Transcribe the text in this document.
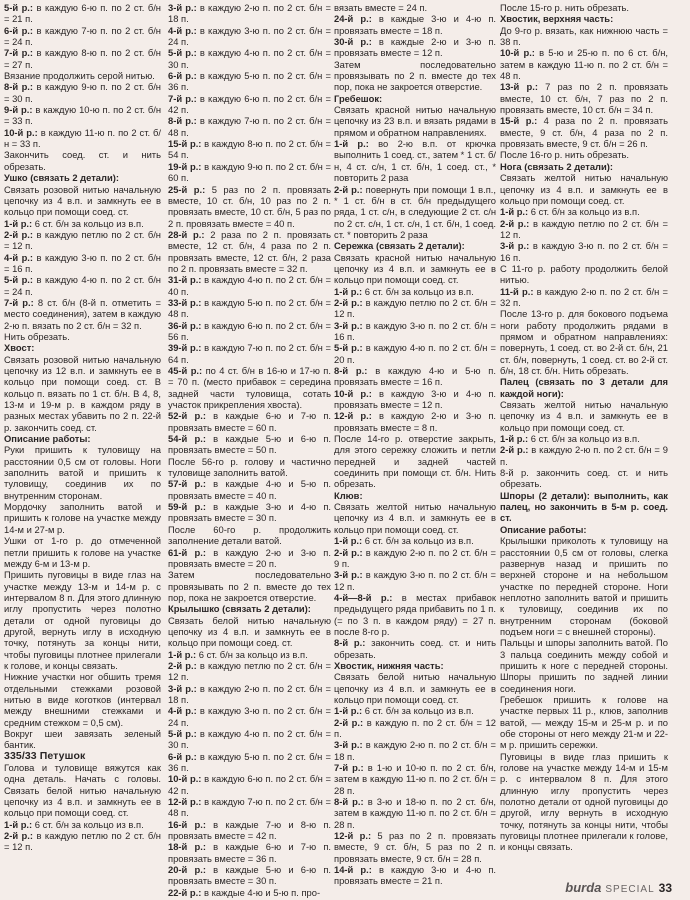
5-й р.: в каждую 6-ю п. по 2 ст. б/н = 21 п.

6-й р.: в каждую 7-ю п. по 2 ст. б/н = 24 п.

7-й р.: в каждую 8-ю п. по 2 ст. б/н = 27 п.

Вязание продолжить серой нитью.

8-й р.: в каждую 9-ю п. по 2 ст. б/н = 30 п.

9-й р.: в каждую 10-ю п. по 2 ст. б/н = 33 п.

10-й р.: в каждую 11-ю п. по 2 ст. б/н = 33 п.

Закончить соед. ст. и нить обрезать.

Ушко (связать 2 детали):

Связать розовой нитью начальную цепочку из 4 в.п. и замкнуть ее в кольцо при помощи соед. ст.

1-й р.: 6 ст. б/н за кольцо из в.п.

2-й р.: в каждую петлю по 2 ст. б/н = 12 п.

4-й р.: в каждую 3-ю п. по 2 ст. б/н = 16 п.

5-й р.: в каждую 4-ю п. по 2 ст. б/н = 24 п.

7-й р.: 8 ст. б/н (8-й п. отметить = место соединения), затем в каждую 2-ю п. вязать по 2 ст. б/н = 32 п.

Нить обрезать.

Хвост:

Связать розовой нитью начальную цепочку из 12 в.п. и замкнуть ее в кольцо при помощи соед. ст. В кольцо п. вязать по 1 ст. б/н. В 4, 8, 13-м и 19-м р. в каждом ряду в разных местах убавить по 2 п. 22-й р. закончить соед. ст.

Описание работы:

Руки пришить к туловищу на расстоянии 0,5 см от головы. Ноги заполнить ватой и пришить к туловищу, соединив их по внутренним сторонам.

Мордочку заполнить ватой и пришить к голове на участке между 14-м и 27-м р.

Ушки от 1-го р. до отмеченной петли пришить к голове на участке между 6-м и 13-м р.

Пришить пуговицы в виде глаз на участке между 13-м и 14-м р. с интервалом 8 п. Для этого длинную иглу пропустить через полотно детали от одной пуговицы до другой, вернуть иглу в исходную точку, потянуть за концы нити, чтобы пуговицы плотнее прилегали к голове, и концы связать.

Нижние участки ног обшить тремя отдельными стежками розовой нитью в виде коготков (интервал между внешними стежками и средним стежком = 0,5 см).

Вокруг шеи завязать зеленый бантик.

335/33 Петушок

Голова и туловище вяжутся как одна деталь. Начать с головы. Связать белой нитью начальную цепочку из 4 в.п. и замкнуть ее в кольцо при помощи соед. ст.

1-й р.: 6 ст. б/н за кольцо из в.п.

2-й р.: в каждую петлю по 2 ст. б/н = 12 п.

3-й р.: в каждую 2-ю п. по 2 ст. б/н = 18 п.

4-й р.: в каждую 3-ю п. по 2 ст. б/н = 24 п.

5-й р.: в каждую 4-ю п. по 2 ст. б/н = 30 п.

6-й р.: в каждую 5-ю п. по 2 ст. б/н = 36 п.

7-й р.: в каждую 6-ю п. по 2 ст. б/н = 42 п.

8-й р.: в каждую 7-ю п. по 2 ст. б/н = 48 п.

15-й р.: в каждую 8-ю п. по 2 ст. б/н = 54 п.

19-й р.: в каждую 9-ю п. по 2 ст. б/н = 60 п.

25-й р.: 5 раз по 2 п. провязать вместе, 10 ст. б/н, 10 раз по 2 п. провязать вместе, 10 ст. б/н, 5 раз по 2 п. провязать вместе = 40 п.

28-й р.: 2 раза по 2 п. провязать вместе, 12 ст. б/н, 4 раза по 2 п. провязать вместе, 12 ст. б/н, 2 раза по 2 п. провязать вместе = 32 п.

31-й р.: в каждую 4-ю п. по 2 ст. б/н = 40 п.

33-й р.: в каждую 5-ю п. по 2 ст. б/н = 48 п.

36-й р.: в каждую 6-ю п. по 2 ст. б/н = 56 п.

39-й р.: в каждую 7-ю п. по 2 ст. б/н = 64 п.

45-й р.: по 4 ст. б/н в 16-ю и 17-ю п. = 70 п. (место прибавок = середина задней части туловища, сотать участок прикрепления хвоста).

52-й р.: в каждые 6-ю и 7-ю п. провязать вместе = 60 п.

54-й р.: в каждые 5-ю и 6-ю п. провязать вместе = 50 п.

После 56-го р. голову и частично туловище заполнить ватой.

57-й р.: в каждые 4-ю и 5-ю п. провязать вместе = 40 п.

59-й р.: в каждые 3-ю и 4-ю п. провязать вместе = 30 п.

После 60-го р. продолжить заполнение детали ватой.

61-й р.: в каждую 2-ю и 3-ю п. провязать вместе = 20 п.

Затем последовательно провязывать по 2 п. вместе до тех пор, пока не закроется отверстие.

Крылышко (связать 2 детали):

Связать белой нитью начальную цепочку из 4 в.п. и замкнуть ее в кольцо при помощи соед. ст.

1-й р.: 6 ст. б/н за кольцо из в.п.

2-й р.: в каждую петлю по 2 ст. б/н = 12 п.

3-й р.: в каждую 2-ю п. по 2 ст. б/н = 18 п.

4-й р.: в каждую 3-ю п. по 2 ст. б/н = 24 п.

5-й р.: в каждую 4-ю п. по 2 ст. б/н = 30 п.

6-й р.: в каждую 5-ю п. по 2 ст. б/н = 36 п.

10-й р.: в каждую 6-ю п. по 2 ст. б/н = 42 п.

12-й р.: в каждую 7-ю п. по 2 ст. б/н = 48 п.

16-й р.: в каждые 7-ю и 8-ю п. провязать вместе = 42 п.

18-й р.: в каждые 6-ю и 7-ю п. провязать вместе = 36 п.

20-й р.: в каждые 5-ю и 6-ю п. провязать вместе = 30 п.

22-й р.: в каждые 4-ю и 5-ю п. про-

вязать вместе = 24 п.

24-й р.: в каждые 3-ю и 4-ю п. провязать вместе = 18 п.

30-й р.: в каждые 2-ю и 3-ю п. провязать вместе = 12 п.

Затем последовательно провязывать по 2 п. вместе до тех пор, пока не закроется отверстие.

Гребешок:

Связать красной нитью начальную цепочку из 23 в.п. и вязать рядами в прямом и обратном направлениях.

1-й р.: во 2-ю в.п. от крючка выполнить 1 соед. ст., затем * 1 ст. б/н, 4 ст. с/н, 1 ст. б/н, 1 соед. ст., * повторить 2 раза

2-й р.: повернуть при помощи 1 в.п., * 1 ст. б/н в ст. б/н предыдущего ряда, 1 ст. с/н, в следующие 2 ст. с/н по 2 ст. с/н, 1 ст. с/н, 1 ст. б/н, 1 соед. ст. * повторить 2 раза

Сережка (связать 2 детали):

Связать красной нитью начальную цепочку из 4 в.п. и замкнуть ее в кольцо при помощи соед. ст.

1-й р.: 6 ст. б/н за кольцо из в.п.

2-й р.: в каждую петлю по 2 ст. б/н = 12 п.

3-й р.: в каждую 3-ю п. по 2 ст. б/н = 16 п.

5-й р.: в каждую 4-ю п. по 2 ст. б/н = 20 п.

8-й р.: в каждую 4-ю и 5-ю п. провязать вместе = 16 п.

10-й р.: в каждую 3-ю и 4-ю п. провязать вместе = 12 п.

12-й р.: в каждую 2-ю и 3-ю п. провязать вместе = 8 п.

После 14-го р. отверстие закрыть, для этого сережку сложить и петли передней и задней частей соединить при помощи ст. б/н. Нить обрезать.

Клюв:

Связать желтой нитью начальную цепочку из 4 в.п. и замкнуть ее в кольцо при помощи соед. ст.

1-й р.: 6 ст. б/н за кольцо из в.п.

2-й р.: в каждую 2-ю п. по 2 ст. б/н = 9 п.

3-й р.: в каждую 3-ю п. по 2 ст. б/н = 12 п.

4-й—8-й р.: в местах прибавок предыдущего ряда прибавить по 1 п. (= по 3 п. в каждом ряду) = 27 п. после 8-го р.

8-й р.: закончить соед. ст. и нить обрезать.

Хвостик, нижняя часть:

Связать белой нитью начальную цепочку из 4 в.п. и замкнуть ее в кольцо при помощи соед. ст.

1-й р.: 6 ст. б/н за кольцо из в.п.

2-й р.: в каждую п. по 2 ст. б/н = 12 п.

3-й р.: в каждую 2-ю п. по 2 ст. б/н = 18 п.

7-й р.: в 1-ю и 10-ю п. по 2 ст. б/н, затем в каждую 11-ю п. по 2 ст. б/н = 28 п.

8-й р.: в 3-ю и 18-ю п. по 2 ст. б/н, затем в каждую 11-ю п. по 2 ст. б/н = 28 п.

12-й р.: 5 раз по 2 п. провязать вместе, 9 ст. б/н, 5 раз по 2 п. провязать вместе, 9 ст. б/н = 28 п.

14-й р.: в каждую 3-ю и 4-ю п. провязать вместе = 21 п.

После 15-го р. нить обрезать.

Хвостик, верхняя часть:

До 9-го р. вязать, как нижнюю часть = 38 п.

10-й р.: в 5-ю и 25-ю п. по 6 ст. б/н, затем в каждую 11-ю п. по 2 ст. б/н = 48 п.

13-й р.: 7 раз по 2 п. провязать вместе, 10 ст. б/н, 7 раз по 2 п. провязать вместе, 10 ст. б/н = 34 п.

15-й р.: 4 раза по 2 п. провязать вместе, 9 ст. б/н, 4 раза по 2 п. провязать вместе, 9 ст. б/н = 26 п.

После 16-го р. нить обрезать.

Нога (связать 2 детали):

Связать желтой нитью начальную цепочку из 4 в.п. и замкнуть ее в кольцо при помощи соед. ст.

1-й р.: 6 ст. б/н за кольцо из в.п.

2-й р.: в каждую петлю по 2 ст. б/н = 12 п.

3-й р.: в каждую 3-ю п. по 2 ст. б/н = 16 п.

С 11-го р. работу продолжить белой нитью.

11-й р.: в каждую 2-ю п. по 2 ст. б/н = 32 п.

После 13-го р. для бокового подъема ноги работу продолжить рядами в прямом и обратном направлениях: повернуть, 1 соед. ст. во 2-й ст. б/н, 21 ст. б/н, повернуть, 1 соед. ст. во 2-й ст. б/н, 18 ст. б/н. Нить обрезать.

Палец (связать по 3 детали для каждой ноги):

Связать желтой нитью начальную цепочку из 4 в.п. и замкнуть ее в кольцо при помощи соед. ст.

1-й р.: 6 ст. б/н за кольцо из в.п.

2-й р.: в каждую 2-ю п. по 2 ст. б/н = 9 п.

8-й р. закончить соед. ст. и нить обрезать.

Шпоры (2 детали): выполнить, как палец, но закончить в 5-м р. соед. ст.

Описание работы:

Крылышки приколоть к туловищу на расстоянии 0,5 см от головы, слегка развернув назад и пришить по верхней стороне и на небольшом участке по передней стороне. Ноги неплотно заполнить ватой и пришить к туловищу, соединив их по внутренним сторонам (боковой подъем ноги = с внешней стороны).

Пальцы и шпоры заполнить ватой. По 3 пальца соединить между собой и пришить к ноге с передней стороны. Шпоры пришить по задней линии соединения ноги.

Гребешок пришить к голове на участке первых 11 р., клюв, заполнив ватой, — между 15-м и 25-м р. и по обе стороны от него между 21-м и 22-м р. пришить сережки.

Пуговицы в виде глаз пришить к голове на участке между 14-м и 15-м р. с интервалом 8 п. Для этого длинную иглу пропустить через полотно детали от одной пуговицы до другой, иглу вернуть в исходную точку, потянуть за концы нити, чтобы пуговицы плотнее прилегали к голове, и концы связать.

burda SPECIAL 33
